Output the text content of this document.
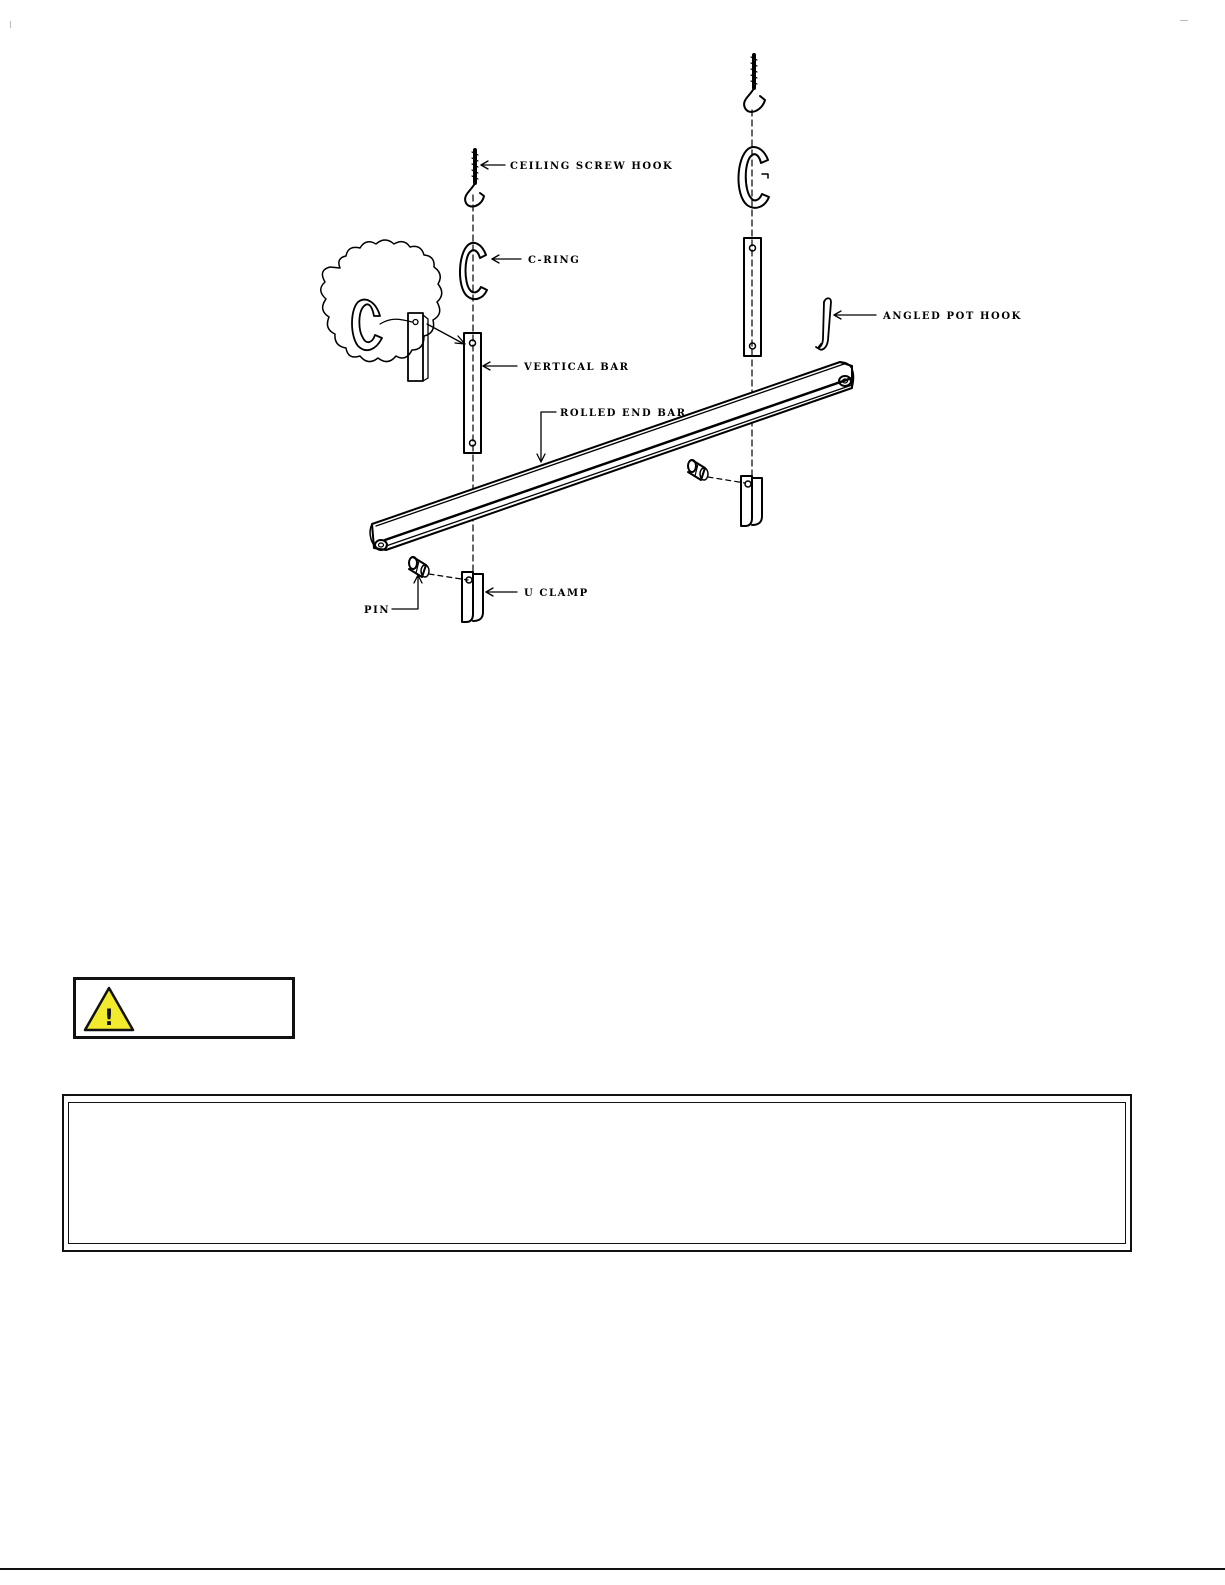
CEILING SCREW HOOK
C-RING
VERTICAL BAR
ROLLED END BAR
ANGLED POT HOOK
U CLAMP
PIN
!
